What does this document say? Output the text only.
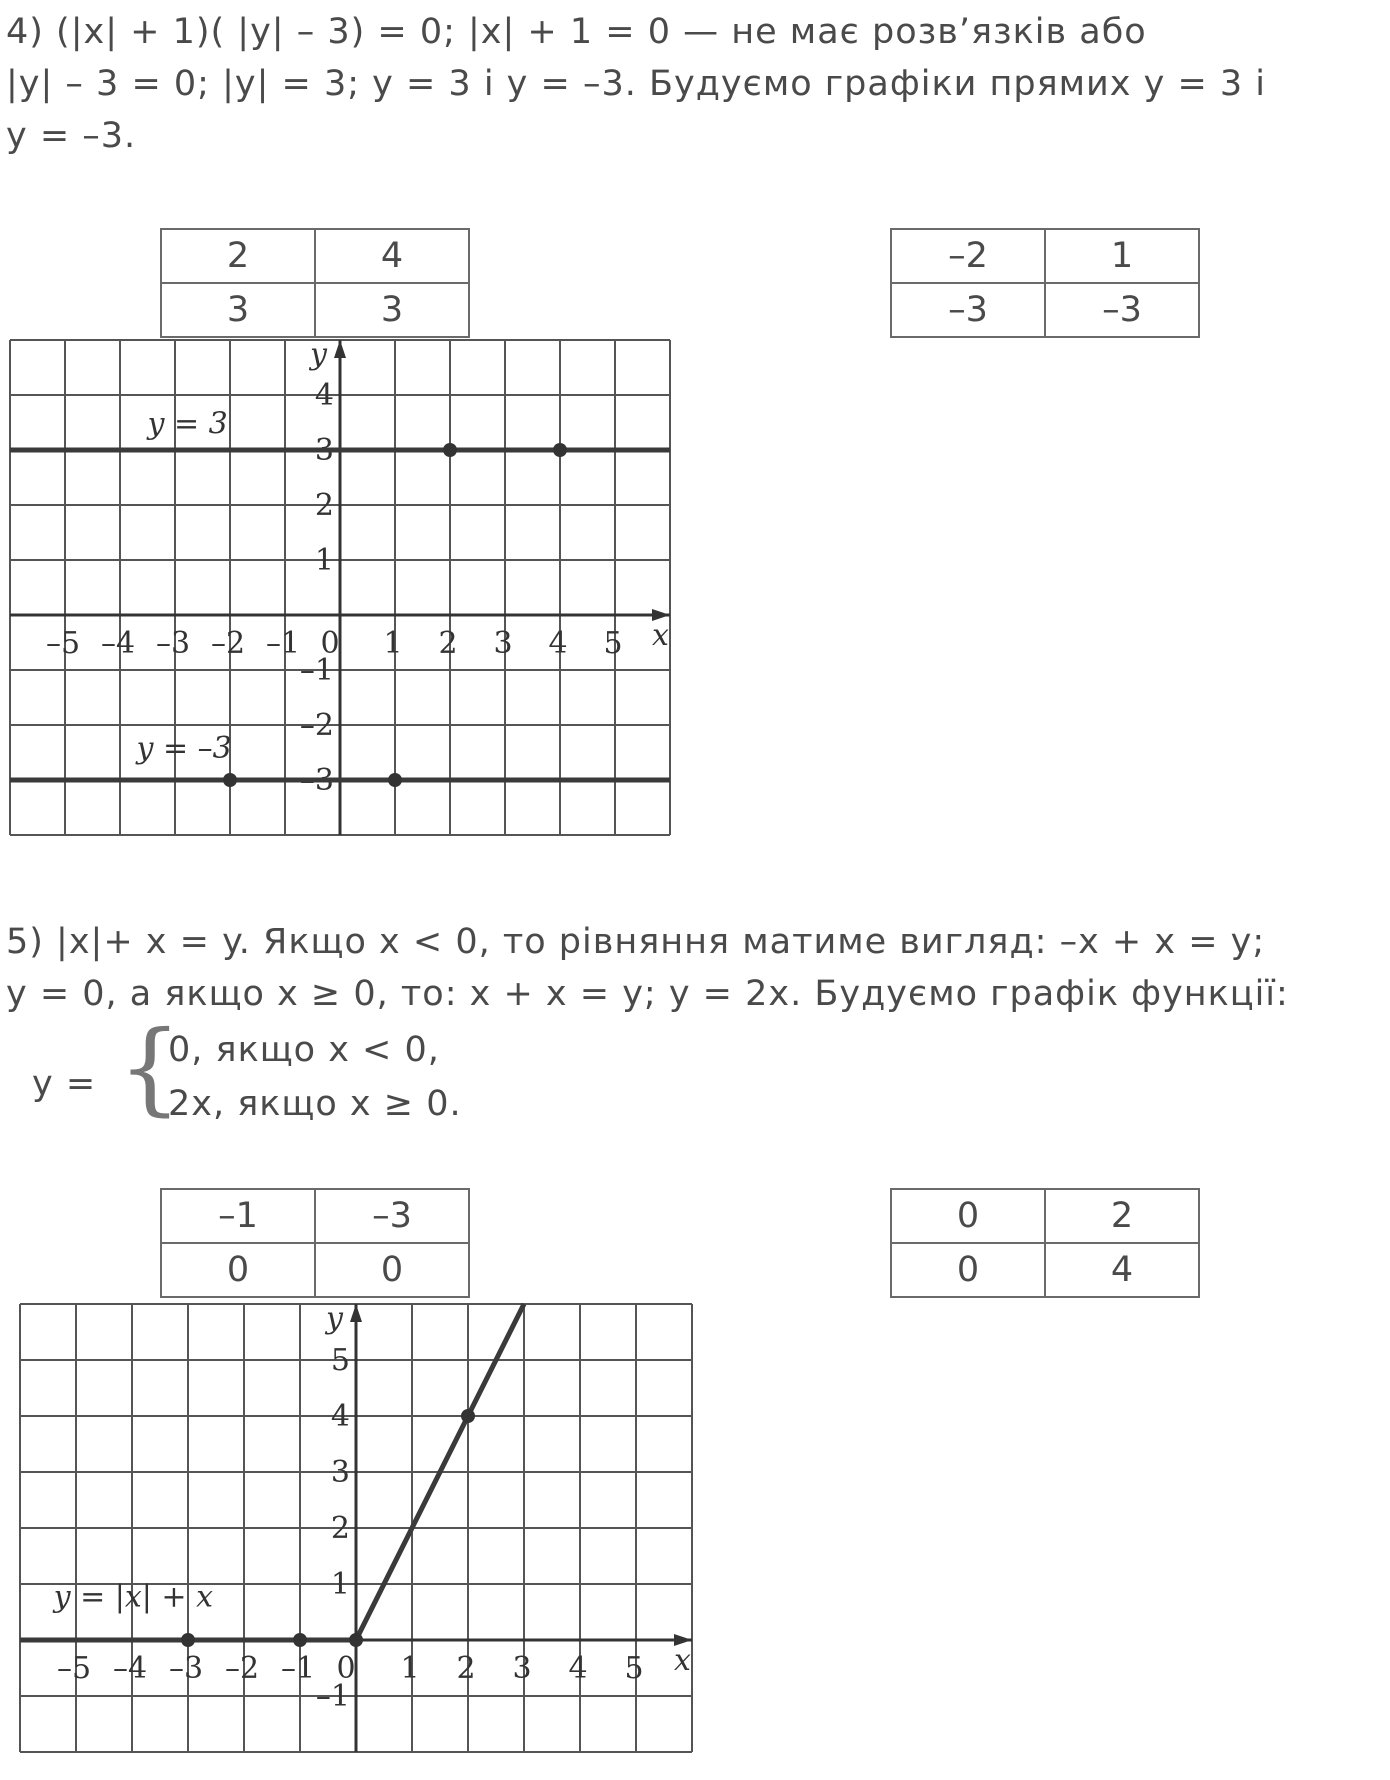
4) (|x| + 1)( |y| – 3) = 0; |x| + 1 = 0 — не має розв’язків або
|y| – 3 = 0; |y| = 3; y = 3 і y = –3. Будуємо графіки прямих y = 3 і
y = –3.
2	4
3	3
–2	1
–3	–3
–5 –4 –3 –2 –1 0 1 2 3 4 5
4
3
2
1
–1
–2
–3
x
y
y = 3
y = –3
5) |x|+ x = y. Якщо x < 0, то рівняння матиме вигляд: –x + x = y;
y = 0, а якщо x ≥ 0, то: x + x = y; y = 2x. Будуємо графік функції:
y = {
0, якщо x < 0,
2x, якщо x ≥ 0.
–1	–3
0	0
0	2
0	4
–5 –4 –3 –2 –1 0 1 2 3 4 5
5
4
3
2
1
–1
x
y
y = |x| + x
